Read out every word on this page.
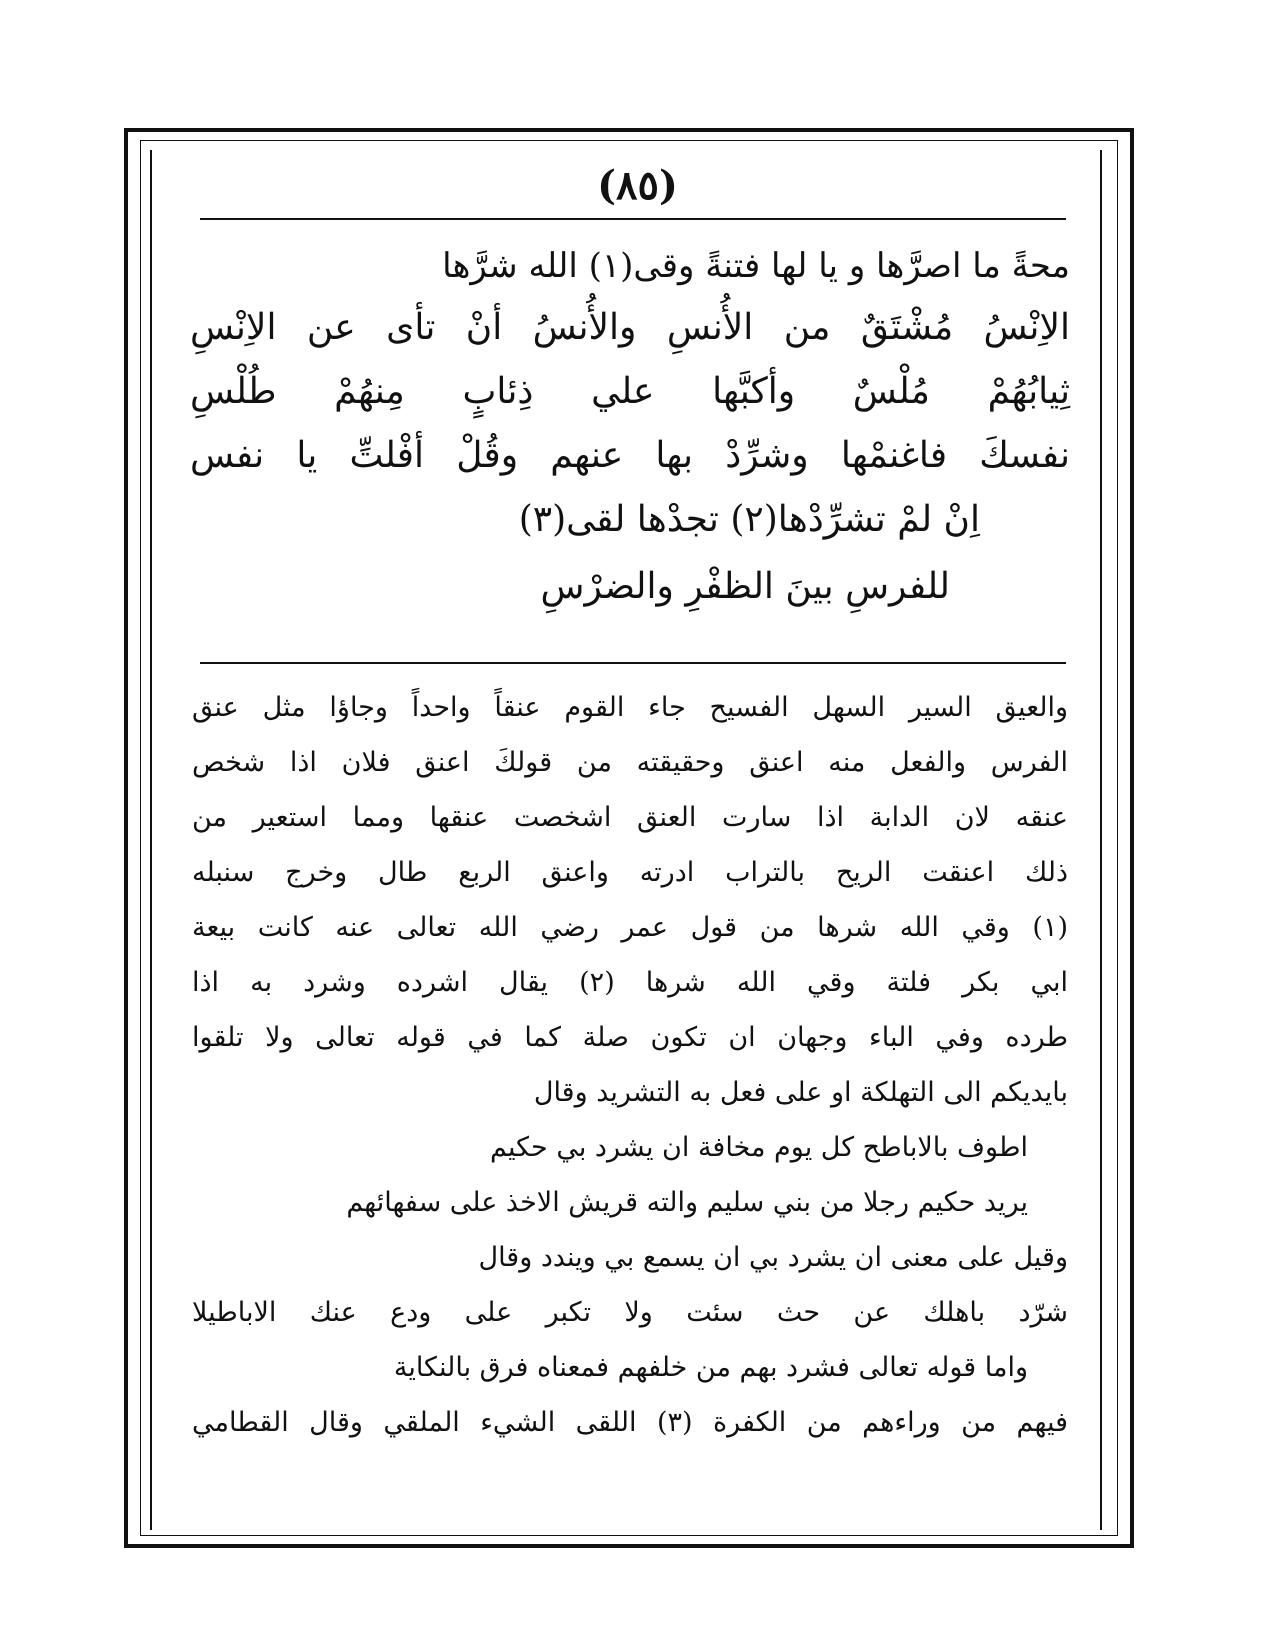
(٨٥)
محةً ما اصرَّها و يا لها فتنةً وقى(١) الله شرَّها
الاِنْسُ مُشْتَقٌ من الأُنسِ والأُنسُ أنْ تأى عن الاِنْسِ
ثِيابُهُمْ مُلْسٌ وأكبَّها علي ذِئابٍ مِنهُمْ طُلْسِ
نفسكَ فاغنمْها وشرِّدْ بها عنهم وقُلْ أفْلتِّ يا نفس
اِنْ لمْ تشرِّدْها(٢) تجدْها لقى(٣)
للفرسِ بينَ الظفْرِ والضرْسِ
والعيق السير السهل الفسيح جاء القوم عنقاً واحداً وجاؤا مثل عنق
الفرس والفعل منه اعنق وحقيقته من قولكَ اعنق فلان اذا شخص
عنقه لان الدابة اذا سارت العنق اشخصت عنقها ومما استعير من
ذلك اعنقت الريح بالتراب ادرته واعنق الربع طال وخرج سنبله
(١) وقي الله شرها من قول عمر رضي الله تعالى عنه كانت بيعة
ابي بكر فلتة وقي الله شرها (٢) يقال اشرده وشرد به اذا
طرده وفي الباء وجهان ان تكون صلة كما في قوله تعالى ولا تلقوا
بايديكم الى التهلكة او على فعل به التشريد وقال
اطوف بالاباطح كل يوم مخافة ان يشرد بي حكيم
يريد حكيم رجلا من بني سليم والته قريش الاخذ على سفهائهم
وقيل على معنى ان يشرد بي ان يسمع بي ويندد وقال
شرّد باهلك عن حث سئت ولا تكبر على ودع عنك الاباطيلا
واما قوله تعالى فشرد بهم من خلفهم فمعناه فرق بالنكاية
فيهم من وراءهم من الكفرة (٣) اللقى الشيء الملقي وقال القطامي
